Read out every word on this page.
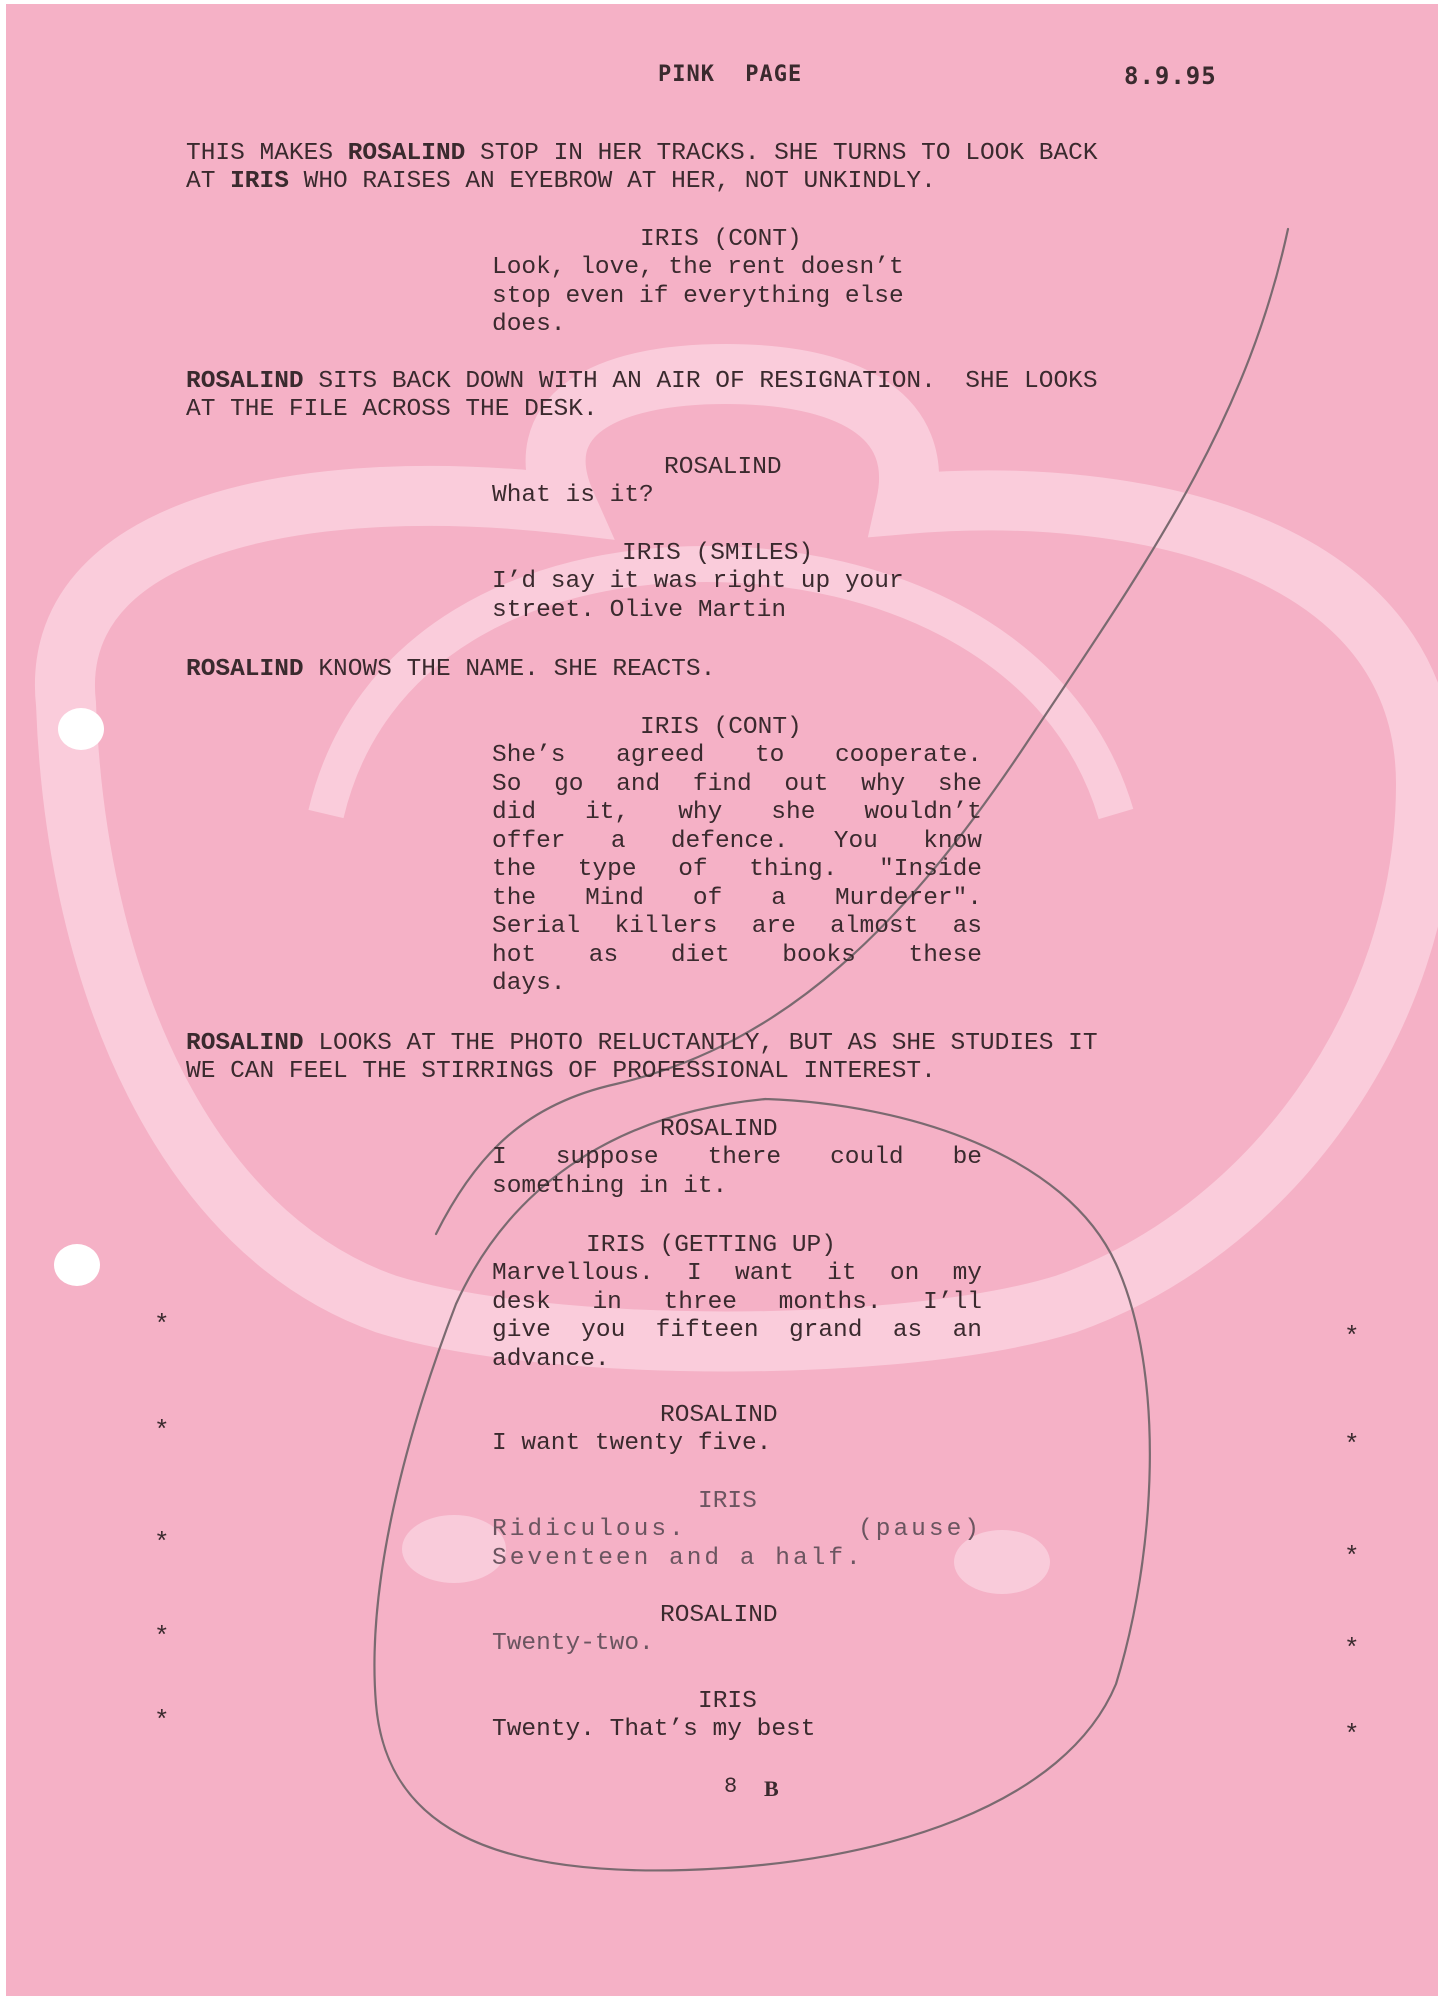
PINK PAGE	8.9.95

THIS MAKES ROSALIND STOP IN HER TRACKS. SHE TURNS TO LOOK BACK
AT IRIS WHO RAISES AN EYEBROW AT HER, NOT UNKINDLY.

IRIS (CONT)

Look, love, the rent doesn’t
stop even if everything else
does.

ROSALIND SITS BACK DOWN WITH AN AIR OF RESIGNATION.  SHE LOOKS
AT THE FILE ACROSS THE DESK.

ROSALIND

What is it?

IRIS (SMILES)

I’d say it was right up your
street. Olive Martin

ROSALIND KNOWS THE NAME. SHE REACTS.

IRIS (CONT)

She’s agreed to cooperate.
So go and find out why she
did it, why she wouldn’t
offer a defence. You know
the type of thing. "Inside
the Mind of a Murderer".
Serial killers are almost as
hot as diet books these
days.

ROSALIND LOOKS AT THE PHOTO RELUCTANTLY, BUT AS SHE STUDIES IT
WE CAN FEEL THE STIRRINGS OF PROFESSIONAL INTEREST.

ROSALIND

I suppose there could be
something in it.

IRIS (GETTING UP)

Marvellous. I want it on my
desk in three months. I’ll
give you fifteen grand as an
advance.

ROSALIND

I want twenty five.

IRIS

Ridiculous. (pause)
Seventeen and a half.

ROSALIND

Twenty-two.

IRIS

Twenty. That’s my best
*
*
*
*
*
*
*
*
*
*
8 B
